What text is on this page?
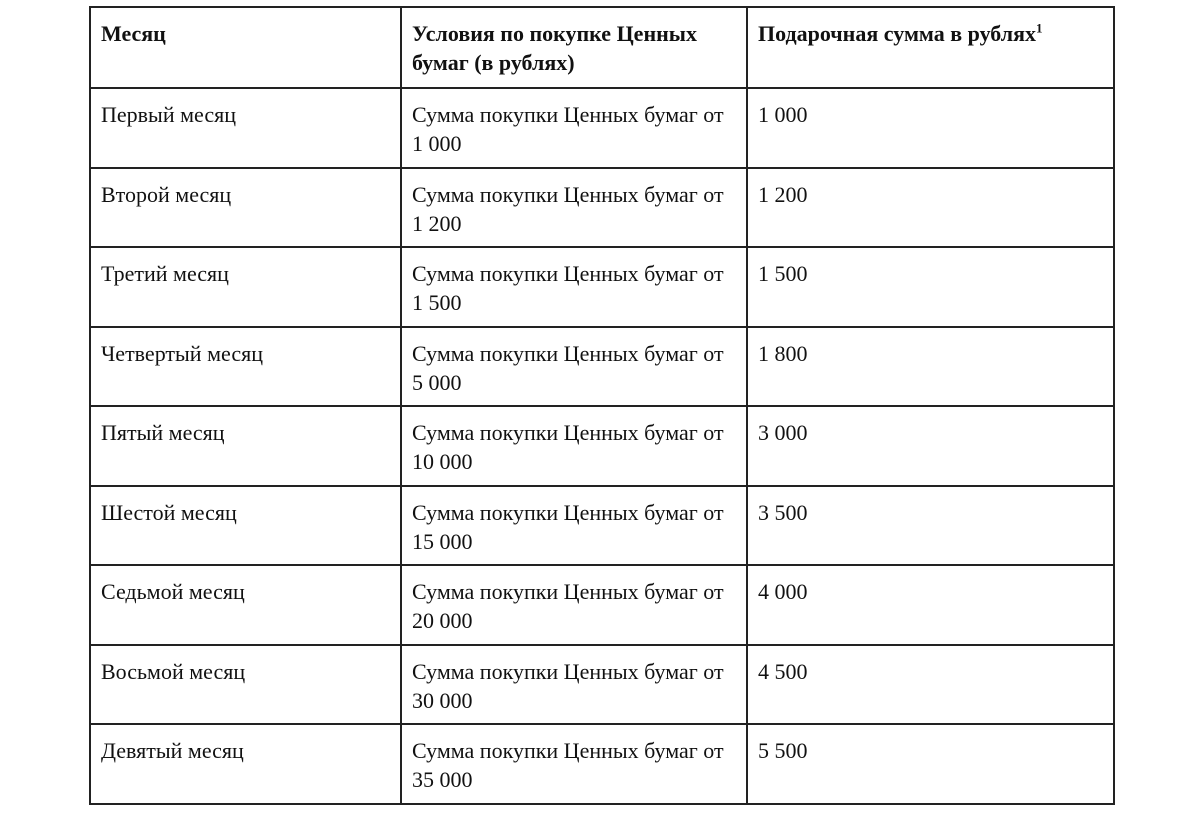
Месяц	Условия по покупке Ценных бумаг (в рублях)	Подарочная сумма в рублях$^1$
Первый месяц	Сумма покупки Ценных бумаг от 1 000	1 000
Второй месяц	Сумма покупки Ценных бумаг от 1 200	1 200
Третий месяц	Сумма покупки Ценных бумаг от 1 500	1 500
Четвертый месяц	Сумма покупки Ценных бумаг от 5 000	1 800
Пятый месяц	Сумма покупки Ценных бумаг от 10 000	3 000
Шестой месяц	Сумма покупки Ценных бумаг от 15 000	3 500
Седьмой месяц	Сумма покупки Ценных бумаг от 20 000	4 000
Восьмой месяц	Сумма покупки Ценных бумаг от 30 000	4 500
Девятый месяц	Сумма покупки Ценных бумаг от 35 000	5 500
